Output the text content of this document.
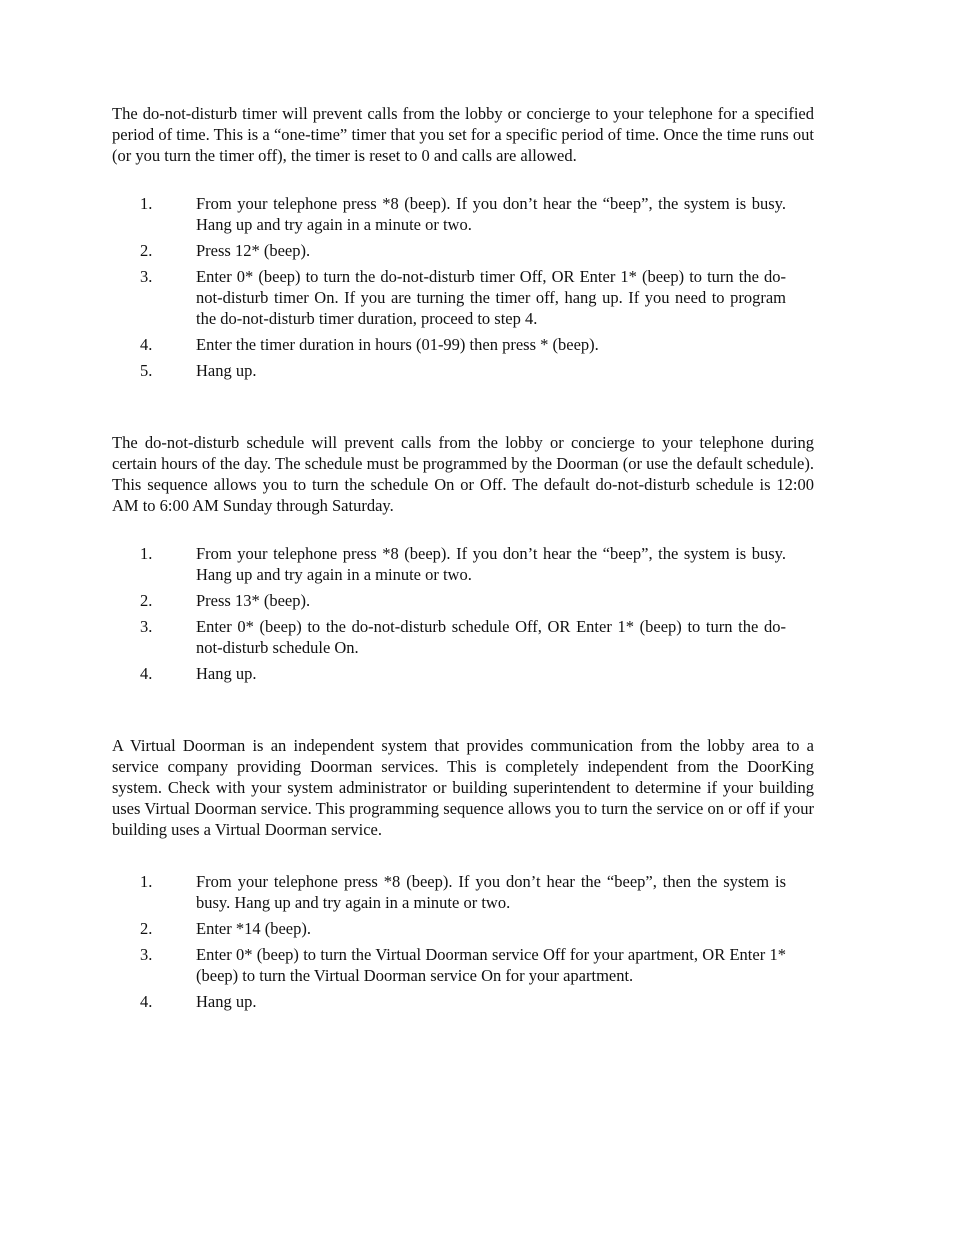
The do-not-disturb timer will prevent calls from the lobby or concierge to your telephone for a specified period of time. This is a “one-time” timer that you set for a specific period of time. Once the time runs out (or you turn the timer off), the timer is reset to 0 and calls are allowed.

1.	From your telephone press *8 (beep). If you don’t hear the “beep”, the system is busy. Hang up and try again in a minute or two.
2.	Press 12* (beep).
3.	Enter 0* (beep) to turn the do-not-disturb timer Off, OR Enter 1* (beep) to turn the do-not-disturb timer On. If you are turning the timer off, hang up. If you need to program the do-not-disturb timer duration, proceed to step 4.
4.	Enter the timer duration in hours (01-99) then press * (beep).
5.	Hang up.

The do-not-disturb schedule will prevent calls from the lobby or concierge to your telephone during certain hours of the day. The schedule must be programmed by the Doorman (or use the default schedule). This sequence allows you to turn the schedule On or Off. The default do-not-disturb schedule is 12:00 AM to 6:00 AM Sunday through Saturday.

1.	From your telephone press *8 (beep). If you don’t hear the “beep”, the system is busy. Hang up and try again in a minute or two.
2.	Press 13* (beep).
3.	Enter 0* (beep) to the do-not-disturb schedule Off, OR Enter 1* (beep) to turn the do-not-disturb schedule On.
4.	Hang up.

A Virtual Doorman is an independent system that provides communication from the lobby area to a service company providing Doorman services. This is completely independent from the DoorKing system. Check with your system administrator or building superintendent to determine if your building uses Virtual Doorman service. This programming sequence allows you to turn the service on or off if your building uses a Virtual Doorman service.

1.	From your telephone press *8 (beep). If you don’t hear the “beep”, then the system is busy. Hang up and try again in a minute or two.
2.	Enter *14 (beep).
3.	Enter 0* (beep) to turn the Virtual Doorman service Off for your apartment, OR Enter 1* (beep) to turn the Virtual Doorman service On for your apartment.
4.	Hang up.
